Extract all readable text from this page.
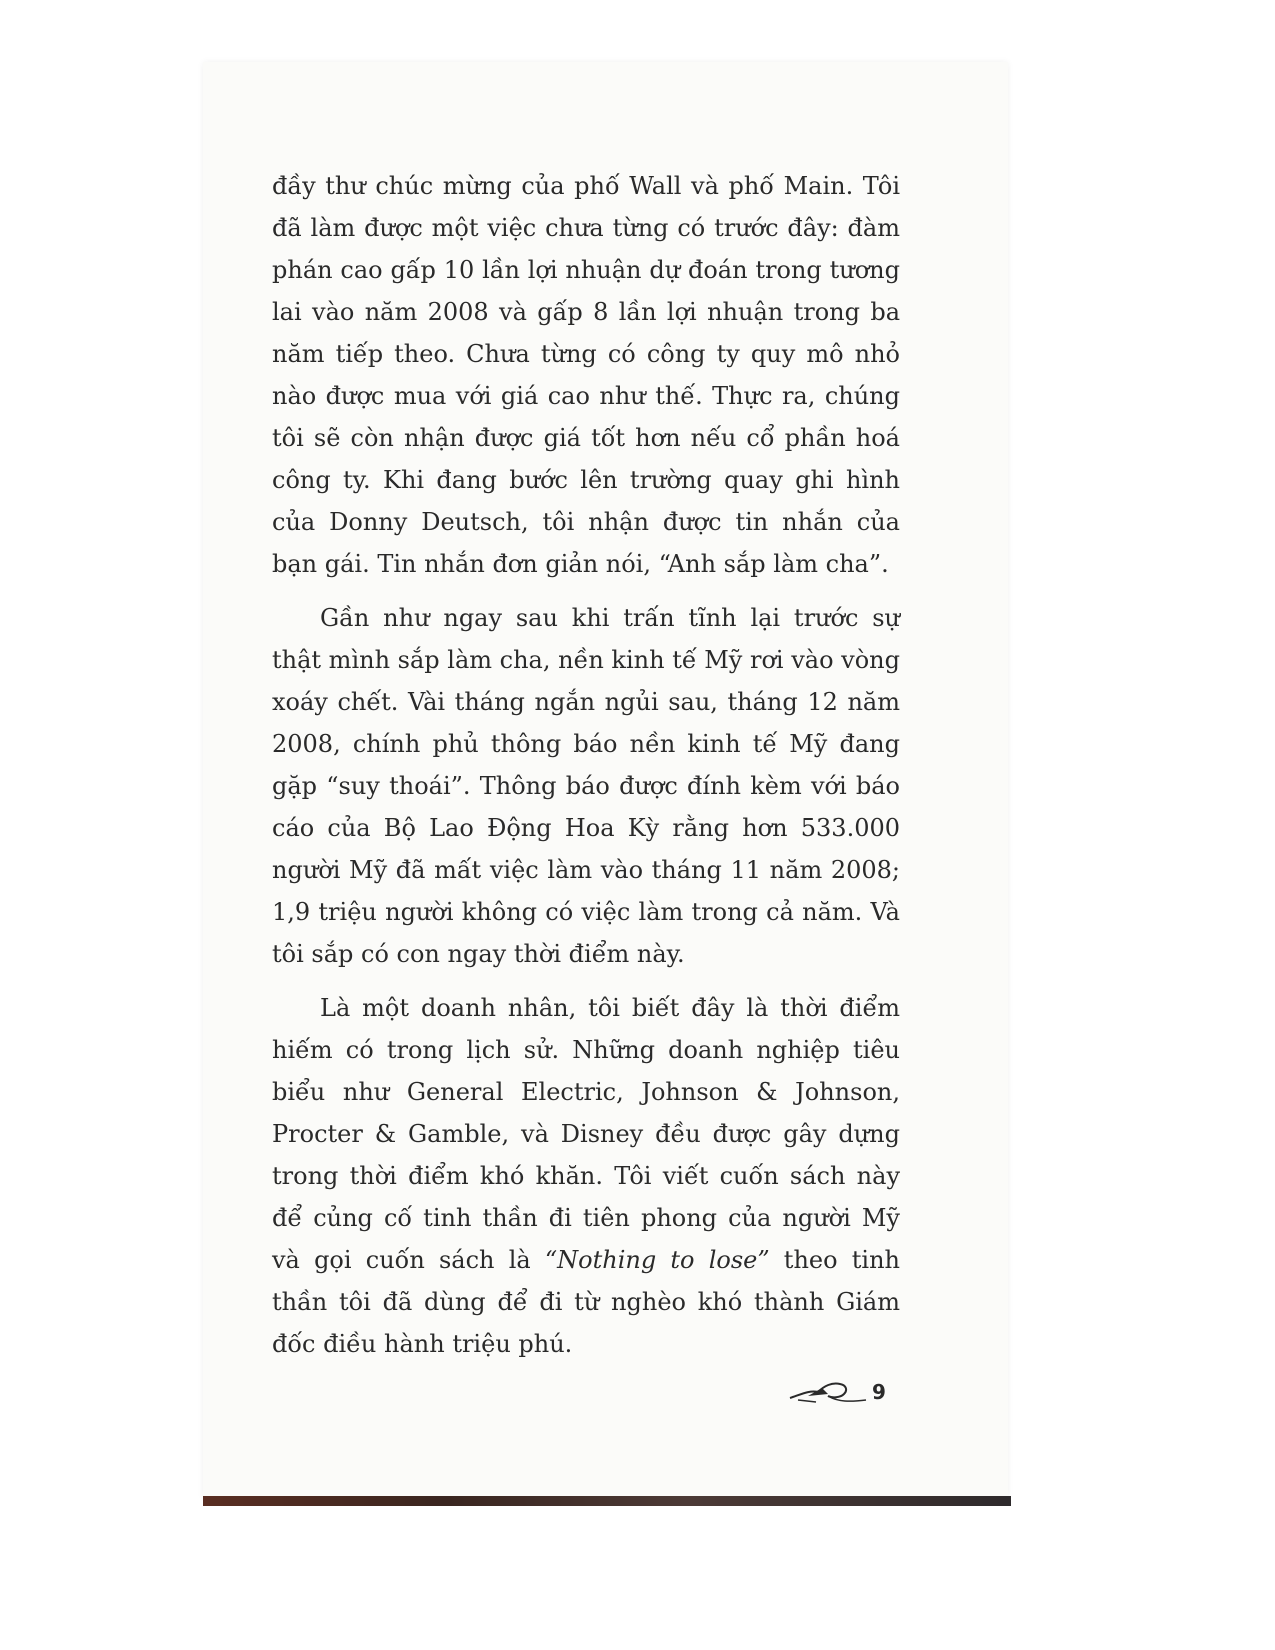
đầy thư chúc mừng của phố Wall và phố Main. Tôi đã làm được một việc chưa từng có trước đây: đàm phán cao gấp 10 lần lợi nhuận dự đoán trong tương lai vào năm 2008 và gấp 8 lần lợi nhuận trong ba năm tiếp theo. Chưa từng có công ty quy mô nhỏ nào được mua với giá cao như thế. Thực ra, chúng tôi sẽ còn nhận được giá tốt hơn nếu cổ phần hoá công ty. Khi đang bước lên trường quay ghi hình của Donny Deutsch, tôi nhận được tin nhắn của bạn gái. Tin nhắn đơn giản nói, “Anh sắp làm cha”.

Gần như ngay sau khi trấn tĩnh lại trước sự thật mình sắp làm cha, nền kinh tế Mỹ rơi vào vòng xoáy chết. Vài tháng ngắn ngủi sau, tháng 12 năm 2008, chính phủ thông báo nền kinh tế Mỹ đang gặp “suy thoái”. Thông báo được đính kèm với báo cáo của Bộ Lao Động Hoa Kỳ rằng hơn 533.000 người Mỹ đã mất việc làm vào tháng 11 năm 2008; 1,9 triệu người không có việc làm trong cả năm. Và tôi sắp có con ngay thời điểm này.

Là một doanh nhân, tôi biết đây là thời điểm hiếm có trong lịch sử. Những doanh nghiệp tiêu biểu như General Electric, Johnson & Johnson, Procter & Gamble, và Disney đều được gây dựng trong thời điểm khó khăn. Tôi viết cuốn sách này để củng cố tinh thần đi tiên phong của người Mỹ và gọi cuốn sách là “Nothing to lose” theo tinh thần tôi đã dùng để đi từ nghèo khó thành Giám đốc điều hành triệu phú.

9
